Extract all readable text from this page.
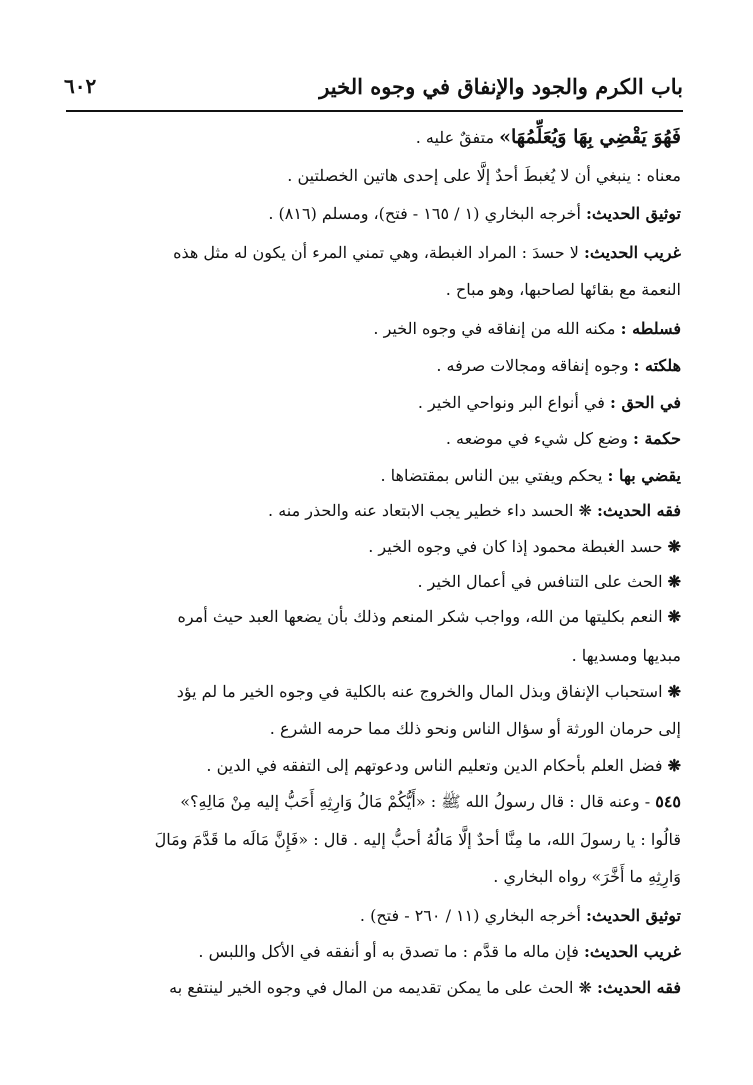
باب الكرم والجود والإنفاق في وجوه الخير
٦٠٢
فَهُوَ يَقْضِي بِهَا وَيُعَلِّمُهَا» متفقٌ عليه .
معناه : ينبغي أن لا يُغبطَ أحدٌ إلَّا على إحدى هاتين الخصلتين .
توثيق الحديث: أخرجه البخاري (١ / ١٦٥ - فتح)، ومسلم (٨١٦) .
غريب الحديث: لا حسدَ : المراد الغبطة، وهي تمني المرء أن يكون له مثل هذه
النعمة مع بقائها لصاحبها، وهو مباح .
فسلطه : مكنه الله من إنفاقه في وجوه الخير .
هلكته : وجوه إنفاقه ومجالات صرفه .
في الحق : في أنواع البر ونواحي الخير .
حكمة : وضع كل شيء في موضعه .
يقضي بها : يحكم ويفتي بين الناس بمقتضاها .
فقه الحديث: ❋ الحسد داء خطير يجب الابتعاد عنه والحذر منه .
❋ حسد الغبطة محمود إذا كان في وجوه الخير .
❋ الحث على التنافس في أعمال الخير .
❋ النعم بكليتها من الله، وواجب شكر المنعم وذلك بأن يضعها العبد حيث أمره
مبديها ومسديها .
❋ استحباب الإنفاق وبذل المال والخروج عنه بالكلية في وجوه الخير ما لم يؤد
إلى حرمان الورثة أو سؤال الناس ونحو ذلك مما حرمه الشرع .
❋ فضل العلم بأحكام الدين وتعليم الناس ودعوتهم إلى التفقه في الدين .
٥٤٥ - وعنه قال : قال رسولُ الله ﷺ : «أَيُّكُمْ مَالُ وَارِثِهِ أَحَبُّ إليه مِنْ مَالِهِ؟»
قالُوا : يا رسولَ الله، ما مِنَّا أحدٌ إلَّا مَالُهُ أحبُّ إليه . قال : «فَإِنَّ مَالَه ما قَدَّمَ ومَالَ
وَارِثِهِ ما أَخَّرَ» رواه البخاري .
توثيق الحديث: أخرجه البخاري (١١ / ٢٦٠ - فتح) .
غريب الحديث: فإن ماله ما قدَّم : ما تصدق به أو أنفقه في الأكل واللبس .
فقه الحديث: ❋ الحث على ما يمكن تقديمه من المال في وجوه الخير لينتفع به
